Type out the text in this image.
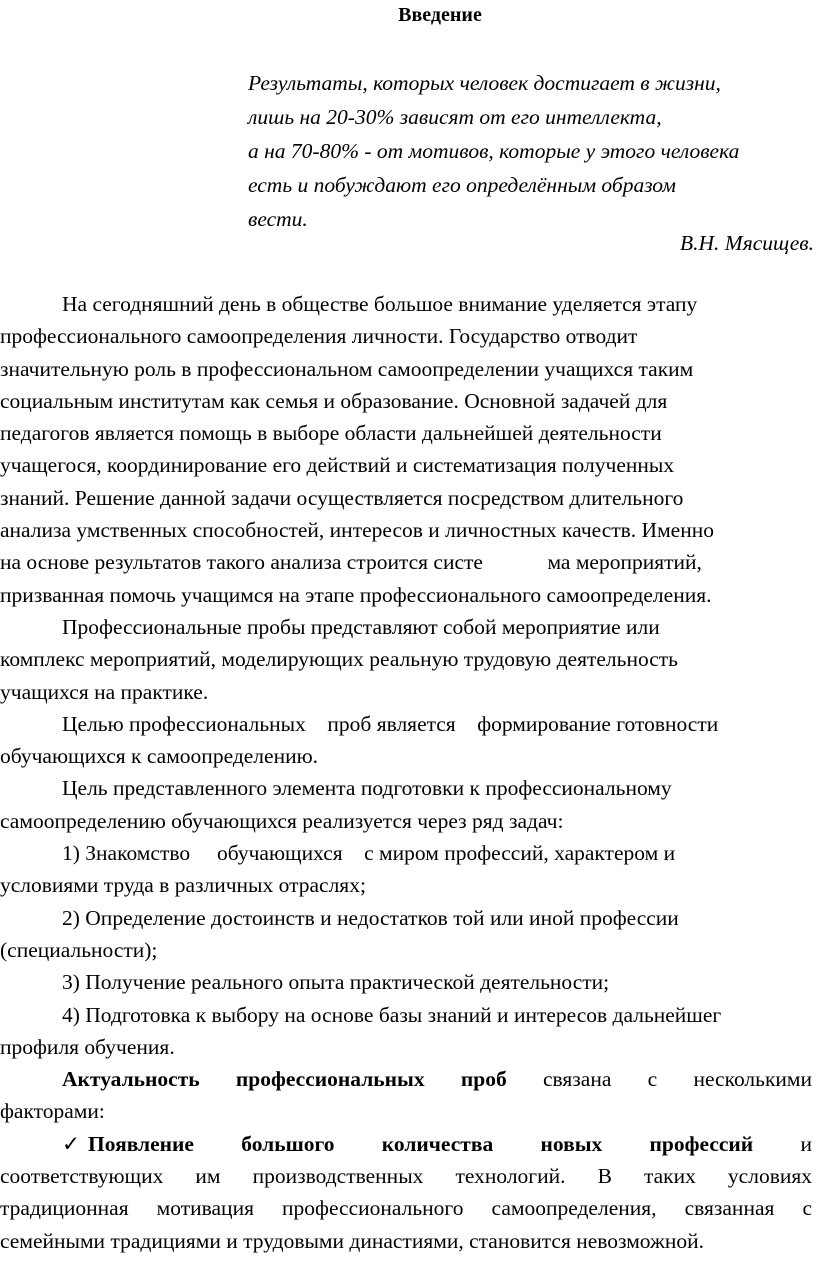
Введение
Результаты, которых человек достигает в жизни,
лишь на 20-30% зависят от его интеллекта,
а на 70-80% - от мотивов, которые у этого человека
есть и побуждают его определённым образом
вести.
В.Н. Мясищев.

На сегодняшний день в обществе большое внимание уделяется этапу
профессионального самоопределения личности. Государство отводит
значительную роль в профессиональном самоопределении учащихся таким
социальным институтам как семья и образование. Основной задачей для
педагогов является помощь в выборе области дальнейшей деятельности
учащегося, координирование его действий и систематизация полученных
знаний. Решение данной задачи осуществляется посредством длительного
анализа умственных способностей, интересов и личностных качеств. Именно
на основе результатов такого анализа строится систе            ма мероприятий,
призванная помочь учащимся на этапе профессионального самоопределения.

Профессиональные пробы представляют собой мероприятие или
комплекс мероприятий, моделирующих реальную трудовую деятельность
учащихся на практике.

Целью профессиональных    проб является    формирование готовности
обучающихся к самоопределению.

Цель представленного элемента подготовки к профессиональному
самоопределению обучающихся реализуется через ряд задач:

1) Знакомство     обучающихся    с миром профессий, характером и
условиями труда в различных отраслях;

2) Определение достоинств и недостатков той или иной профессии
(специальности);

3) Получение реального опыта практической деятельности;

4) Подготовка к выбору на основе базы знаний и интересов дальнейшег
профиля обучения.

Актуальность профессиональных проб связана с несколькими
факторами:

✓ Появление большого количества новых профессий и
соответствующих им производственных технологий. В таких условиях
традиционная мотивация профессионального самоопределения, связанная с
семейными традициями и трудовыми династиями, становится невозможной.
